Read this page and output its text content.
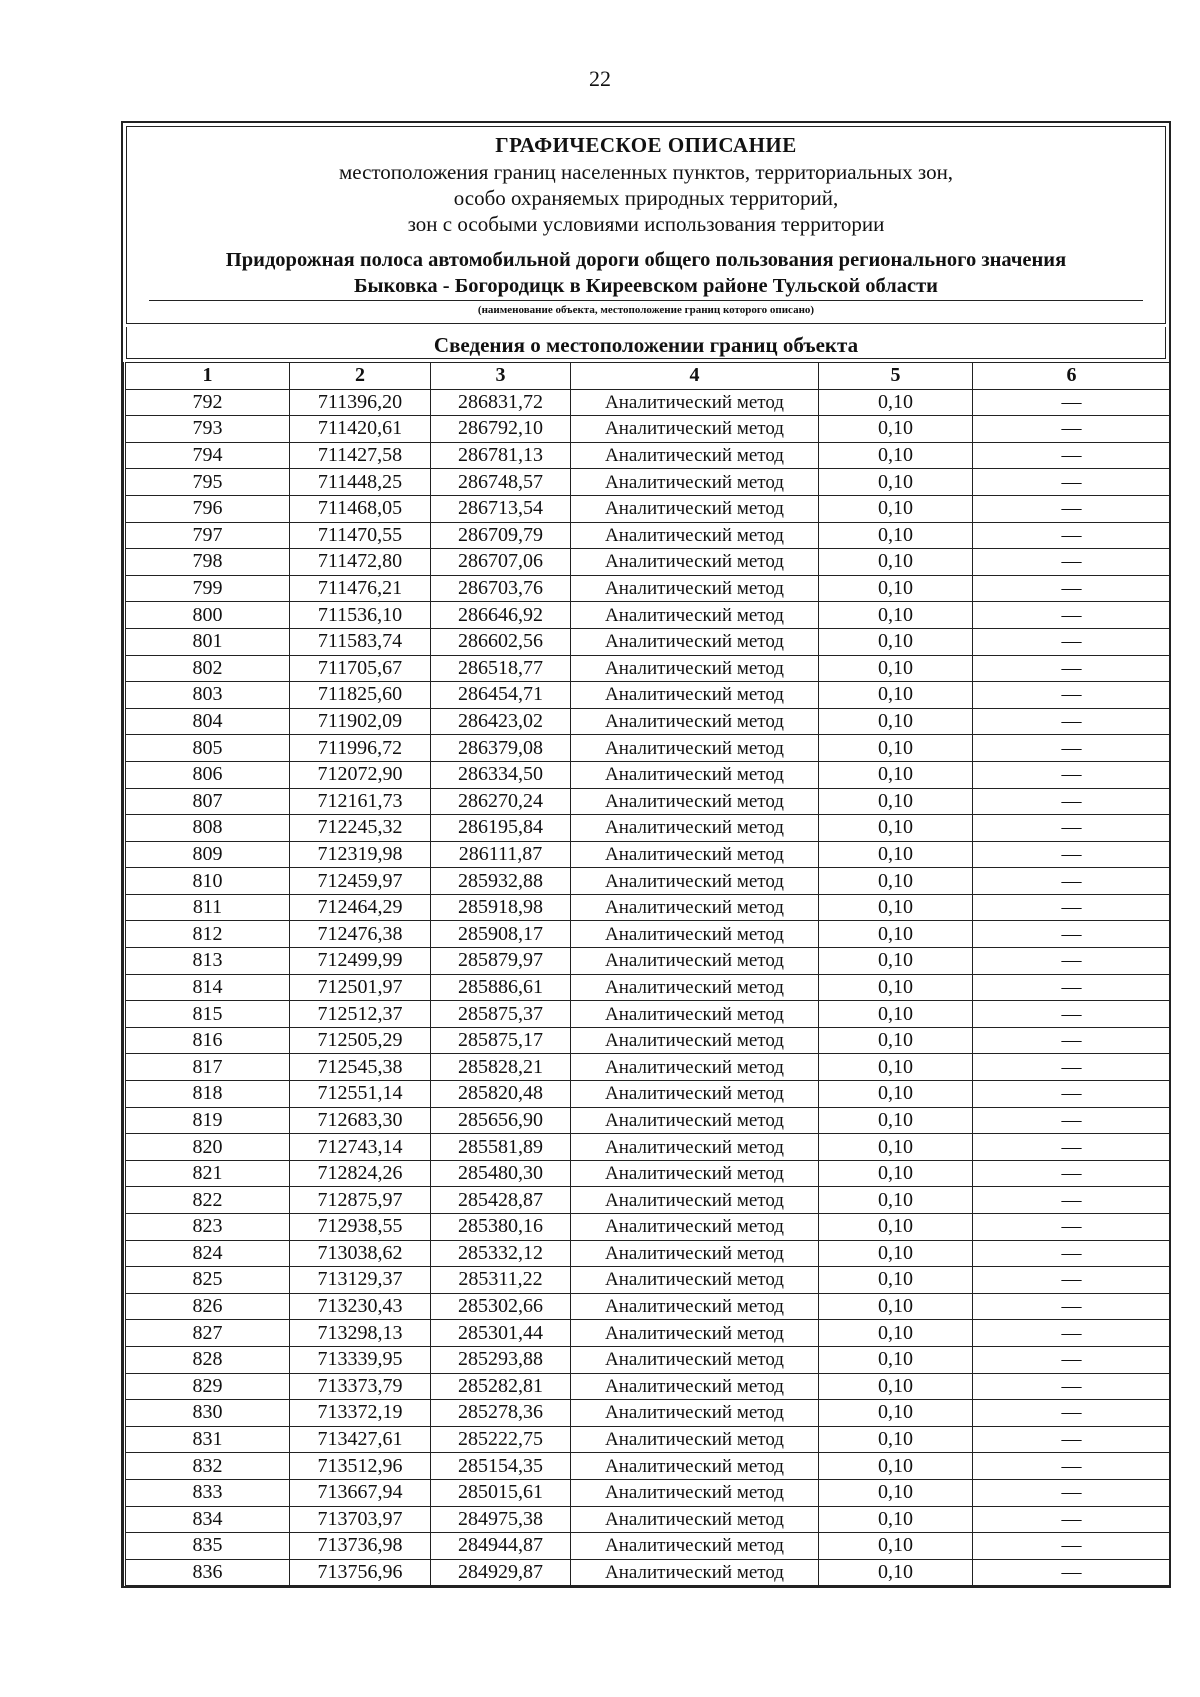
22
ГРАФИЧЕСКОЕ ОПИСАНИЕ
местоположения границ населенных пунктов, территориальных зон,
особо охраняемых природных территорий,
зон с особыми условиями использования территории
Придорожная полоса автомобильной дороги общего пользования регионального значения
Быковка - Богородицк в Киреевском районе Тульской области
(наименование объекта, местоположение границ которого описано)
Сведения о местоположении границ объекта
1	2	3	4	5	6
792	711396,20	286831,72	Аналитический метод	0,10	—
793	711420,61	286792,10	Аналитический метод	0,10	—
794	711427,58	286781,13	Аналитический метод	0,10	—
795	711448,25	286748,57	Аналитический метод	0,10	—
796	711468,05	286713,54	Аналитический метод	0,10	—
797	711470,55	286709,79	Аналитический метод	0,10	—
798	711472,80	286707,06	Аналитический метод	0,10	—
799	711476,21	286703,76	Аналитический метод	0,10	—
800	711536,10	286646,92	Аналитический метод	0,10	—
801	711583,74	286602,56	Аналитический метод	0,10	—
802	711705,67	286518,77	Аналитический метод	0,10	—
803	711825,60	286454,71	Аналитический метод	0,10	—
804	711902,09	286423,02	Аналитический метод	0,10	—
805	711996,72	286379,08	Аналитический метод	0,10	—
806	712072,90	286334,50	Аналитический метод	0,10	—
807	712161,73	286270,24	Аналитический метод	0,10	—
808	712245,32	286195,84	Аналитический метод	0,10	—
809	712319,98	286111,87	Аналитический метод	0,10	—
810	712459,97	285932,88	Аналитический метод	0,10	—
811	712464,29	285918,98	Аналитический метод	0,10	—
812	712476,38	285908,17	Аналитический метод	0,10	—
813	712499,99	285879,97	Аналитический метод	0,10	—
814	712501,97	285886,61	Аналитический метод	0,10	—
815	712512,37	285875,37	Аналитический метод	0,10	—
816	712505,29	285875,17	Аналитический метод	0,10	—
817	712545,38	285828,21	Аналитический метод	0,10	—
818	712551,14	285820,48	Аналитический метод	0,10	—
819	712683,30	285656,90	Аналитический метод	0,10	—
820	712743,14	285581,89	Аналитический метод	0,10	—
821	712824,26	285480,30	Аналитический метод	0,10	—
822	712875,97	285428,87	Аналитический метод	0,10	—
823	712938,55	285380,16	Аналитический метод	0,10	—
824	713038,62	285332,12	Аналитический метод	0,10	—
825	713129,37	285311,22	Аналитический метод	0,10	—
826	713230,43	285302,66	Аналитический метод	0,10	—
827	713298,13	285301,44	Аналитический метод	0,10	—
828	713339,95	285293,88	Аналитический метод	0,10	—
829	713373,79	285282,81	Аналитический метод	0,10	—
830	713372,19	285278,36	Аналитический метод	0,10	—
831	713427,61	285222,75	Аналитический метод	0,10	—
832	713512,96	285154,35	Аналитический метод	0,10	—
833	713667,94	285015,61	Аналитический метод	0,10	—
834	713703,97	284975,38	Аналитический метод	0,10	—
835	713736,98	284944,87	Аналитический метод	0,10	—
836	713756,96	284929,87	Аналитический метод	0,10	—
